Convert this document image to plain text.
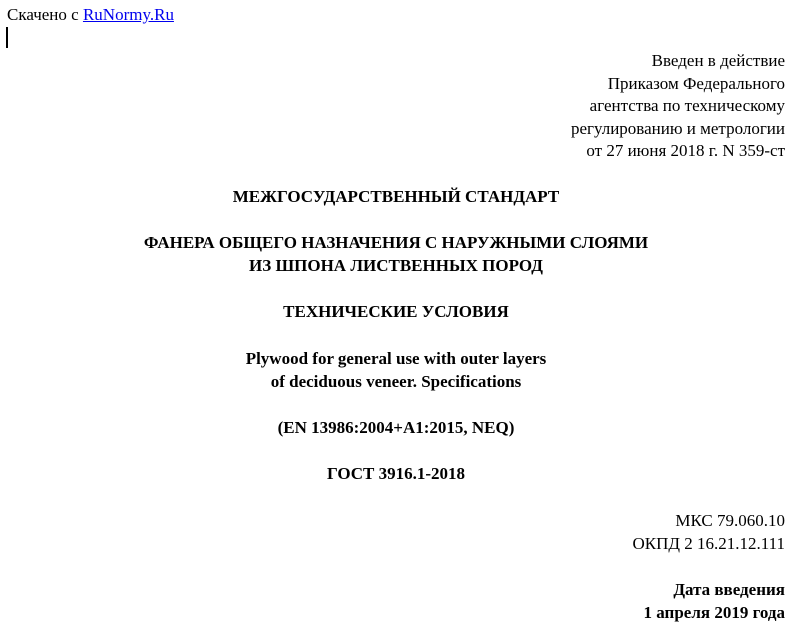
Скачено с RuNormy.Ru
Введен в действие
Приказом Федерального
агентства по техническому
регулированию и метрологии
от 27 июня 2018 г. N 359-ст
МЕЖГОСУДАРСТВЕННЫЙ СТАНДАРТ
ФАНЕРА ОБЩЕГО НАЗНАЧЕНИЯ С НАРУЖНЫМИ СЛОЯМИ
ИЗ ШПОНА ЛИСТВЕННЫХ ПОРОД
ТЕХНИЧЕСКИЕ УСЛОВИЯ
Plywood for general use with outer layers
of deciduous veneer. Specifications
(EN 13986:2004+A1:2015, NEQ)
ГОСТ 3916.1-2018
МКС 79.060.10
ОКПД 2 16.21.12.111
Дата введения
1 апреля 2019 года
